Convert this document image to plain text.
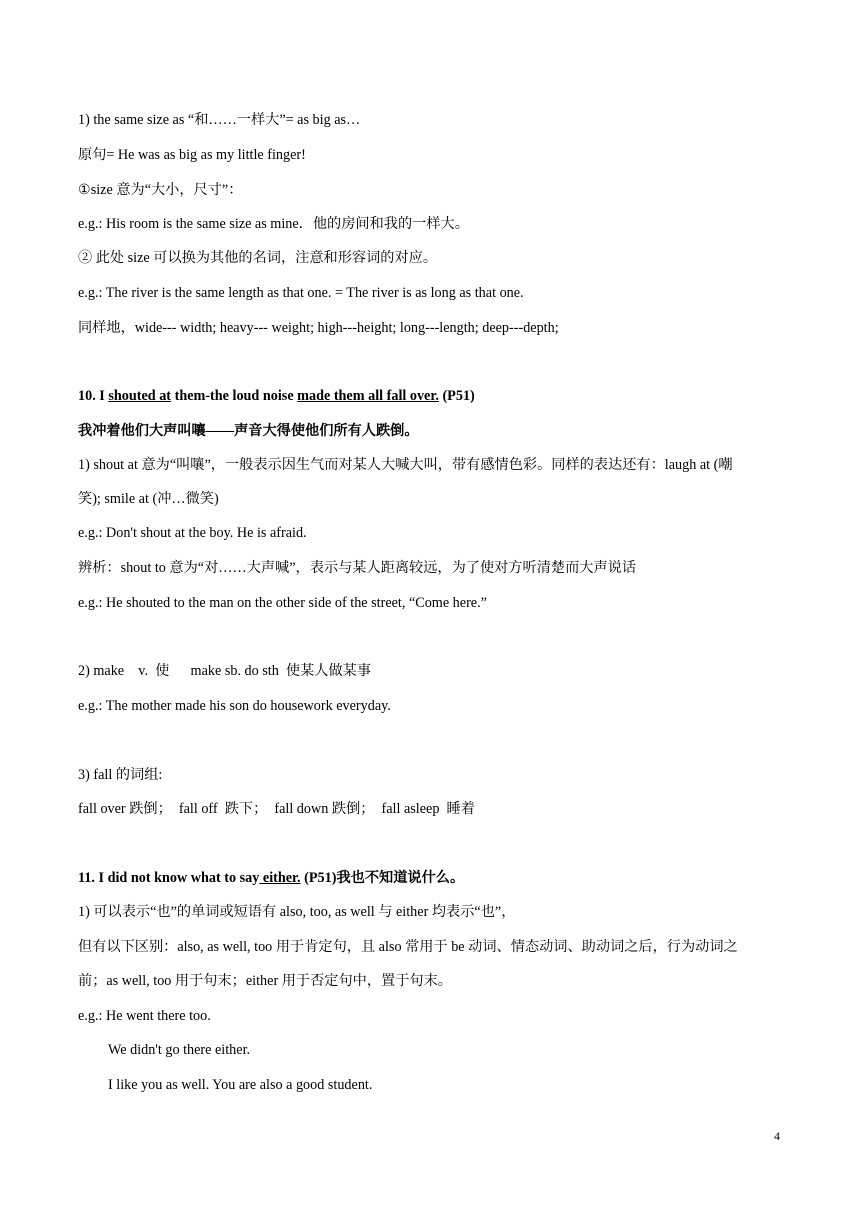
1) the same size as “和……一样大”= as big as…
原句= He was as big as my little finger!
①size 意为“大小，尺寸”：
e.g.: His room is the same size as mine．他的房间和我的一样大。
② 此处 size 可以换为其他的名词，注意和形容词的对应。
e.g.: The river is the same length as that one. = The river is as long as that one.
同样地，wide--- width; heavy--- weight; high---height; long---length; deep---depth;
10. I shouted at them-the loud noise made them all fall over. (P51)
我冲着他们大声叫嚷——声音大得使他们所有人跌倒。
1) shout at 意为“叫嚷”，一般表示因生气而对某人大喊大叫，带有感情色彩。同样的表达还有：laugh at (嘲
笑); smile at (冲…微笑)
e.g.: Don't shout at the boy. He is afraid.
辨析：shout to 意为“对……大声喊”，表示与某人距离较远，为了使对方听清楚而大声说话
e.g.: He shouted to the man on the other side of the street, “Come here.”
2) make    v.  使      make sb. do sth  使某人做某事
e.g.: The mother made his son do housework everyday.
3) fall 的词组:
fall over 跌倒；  fall off  跌下；  fall down 跌倒；  fall asleep  睡着
11. I did not know what to say either. (P51)我也不知道说什么。
1) 可以表示“也”的单词或短语有 also, too, as well 与 either 均表示“也”，
但有以下区别：also, as well, too 用于肯定句，且 also 常用于 be 动词、情态动词、助动词之后，行为动词之
前；as well, too 用于句末；either 用于否定句中，置于句末。
e.g.: He went there too.
We didn't go there either.
I like you as well. You are also a good student.
4
